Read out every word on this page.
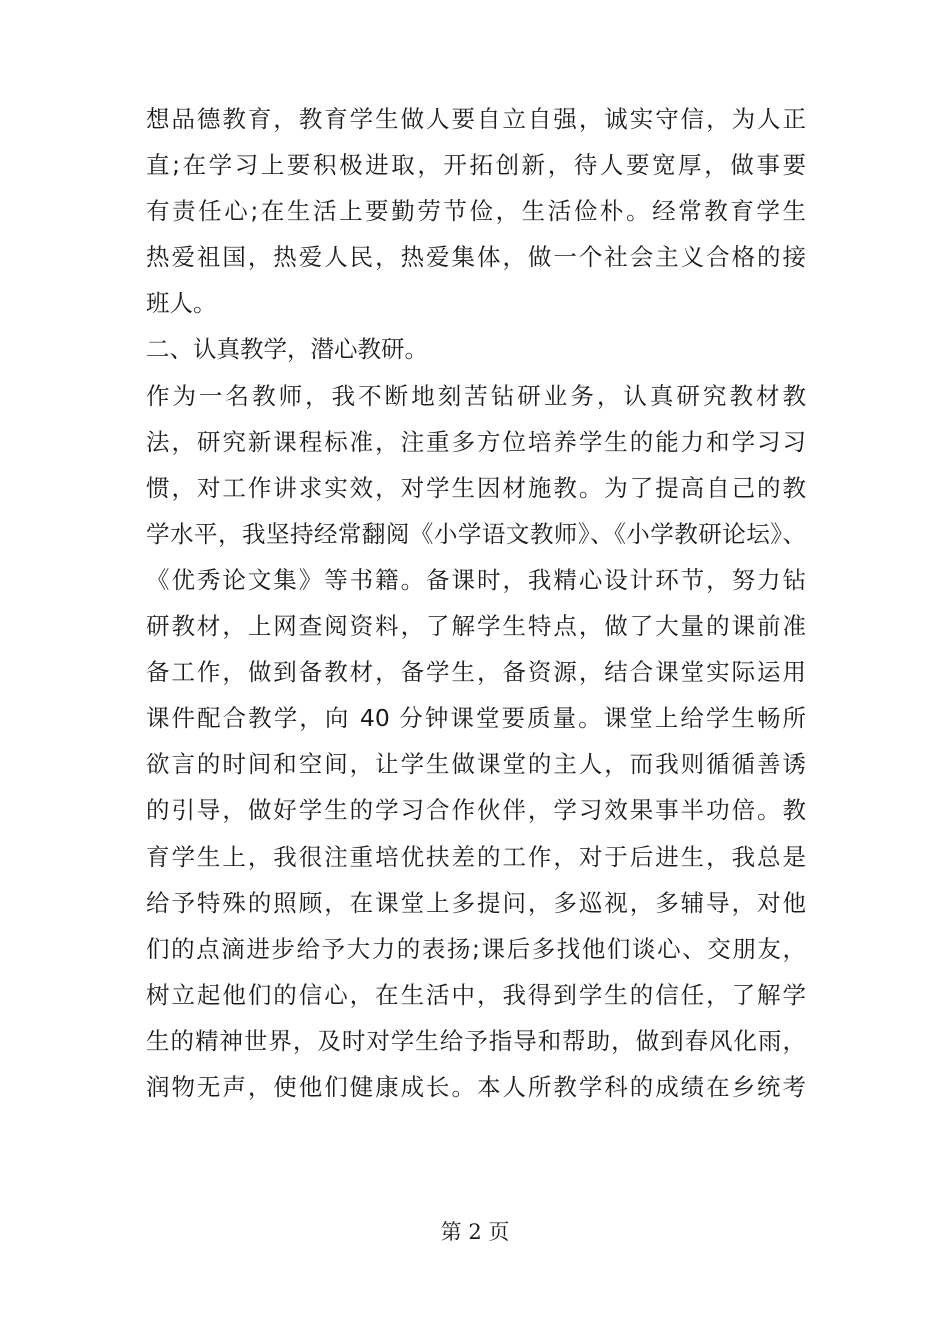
想品德教育，教育学生做人要自立自强，诚实守信，为人正
直;在学习上要积极进取，开拓创新，待人要宽厚，做事要
有责任心;在生活上要勤劳节俭，生活俭朴。经常教育学生
热爱祖国，热爱人民，热爱集体，做一个社会主义合格的接
班人。
二、认真教学，潜心教研。
作为一名教师，我不断地刻苦钻研业务，认真研究教材教
法，研究新课程标准，注重多方位培养学生的能力和学习习
惯，对工作讲求实效，对学生因材施教。为了提高自己的教
学水平，我坚持经常翻阅《小学语文教师》、《小学教研论坛》、
《优秀论文集》等书籍。备课时，我精心设计环节，努力钻
研教材，上网查阅资料，了解学生特点，做了大量的课前准
备工作，做到备教材，备学生，备资源，结合课堂实际运用
课件配合教学，向 40 分钟课堂要质量。课堂上给学生畅所
欲言的时间和空间，让学生做课堂的主人，而我则循循善诱
的引导，做好学生的学习合作伙伴，学习效果事半功倍。教
育学生上，我很注重培优扶差的工作，对于后进生，我总是
给予特殊的照顾，在课堂上多提问，多巡视，多辅导，对他
们的点滴进步给予大力的表扬;课后多找他们谈心、交朋友，
树立起他们的信心，在生活中，我得到学生的信任，了解学
生的精神世界，及时对学生给予指导和帮助，做到春风化雨，
润物无声，使他们健康成长。本人所教学科的成绩在乡统考
第 2 页
